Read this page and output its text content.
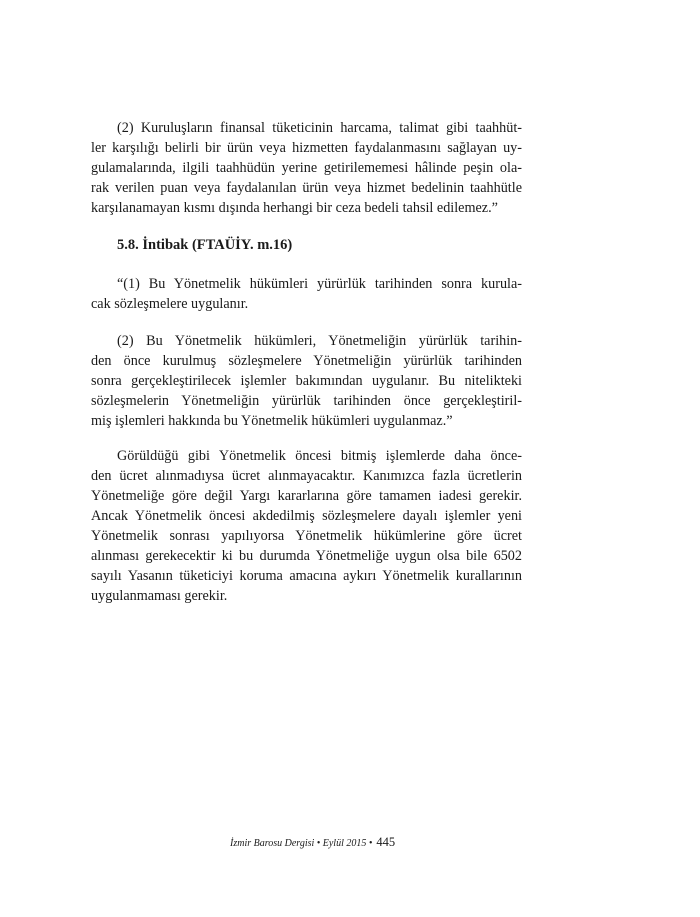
(2) Kuruluşların finansal tüketicinin harcama, talimat gibi taahhüt-
ler karşılığı belirli bir ürün veya hizmetten faydalanmasını sağlayan uy-
gulamalarında, ilgili taahhüdün yerine getirilememesi hâlinde peşin ola-
rak verilen puan veya faydalanılan ürün veya hizmet bedelinin taahhütle
karşılanamayan kısmı dışında herhangi bir ceza bedeli tahsil edilemez.”
5.8. İntibak (FTAÜİY. m.16)
“(1) Bu Yönetmelik hükümleri yürürlük tarihinden sonra kurula-
cak sözleşmelere uygulanır.
(2) Bu Yönetmelik hükümleri, Yönetmeliğin yürürlük tarihin-
den önce kurulmuş sözleşmelere Yönetmeliğin yürürlük tarihinden
sonra gerçekleştirilecek işlemler bakımından uygulanır. Bu nitelikteki
sözleşmelerin Yönetmeliğin yürürlük tarihinden önce gerçekleştiril-
miş işlemleri hakkında bu Yönetmelik hükümleri uygulanmaz.”
Görüldüğü gibi Yönetmelik öncesi bitmiş işlemlerde daha önce-
den ücret alınmadıysa ücret alınmayacaktır. Kanımızca fazla ücretlerin
Yönetmeliğe göre değil Yargı kararlarına göre tamamen iadesi gerekir.
Ancak Yönetmelik öncesi akdedilmiş sözleşmelere dayalı işlemler yeni
Yönetmelik sonrası yapılıyorsa Yönetmelik hükümlerine göre ücret
alınması gerekecektir ki bu durumda Yönetmeliğe uygun olsa bile 6502
sayılı Yasanın tüketiciyi koruma amacına aykırı Yönetmelik kurallarının
uygulanmaması gerekir.
İzmir Barosu Dergisi • Eylül 2015 • 445
